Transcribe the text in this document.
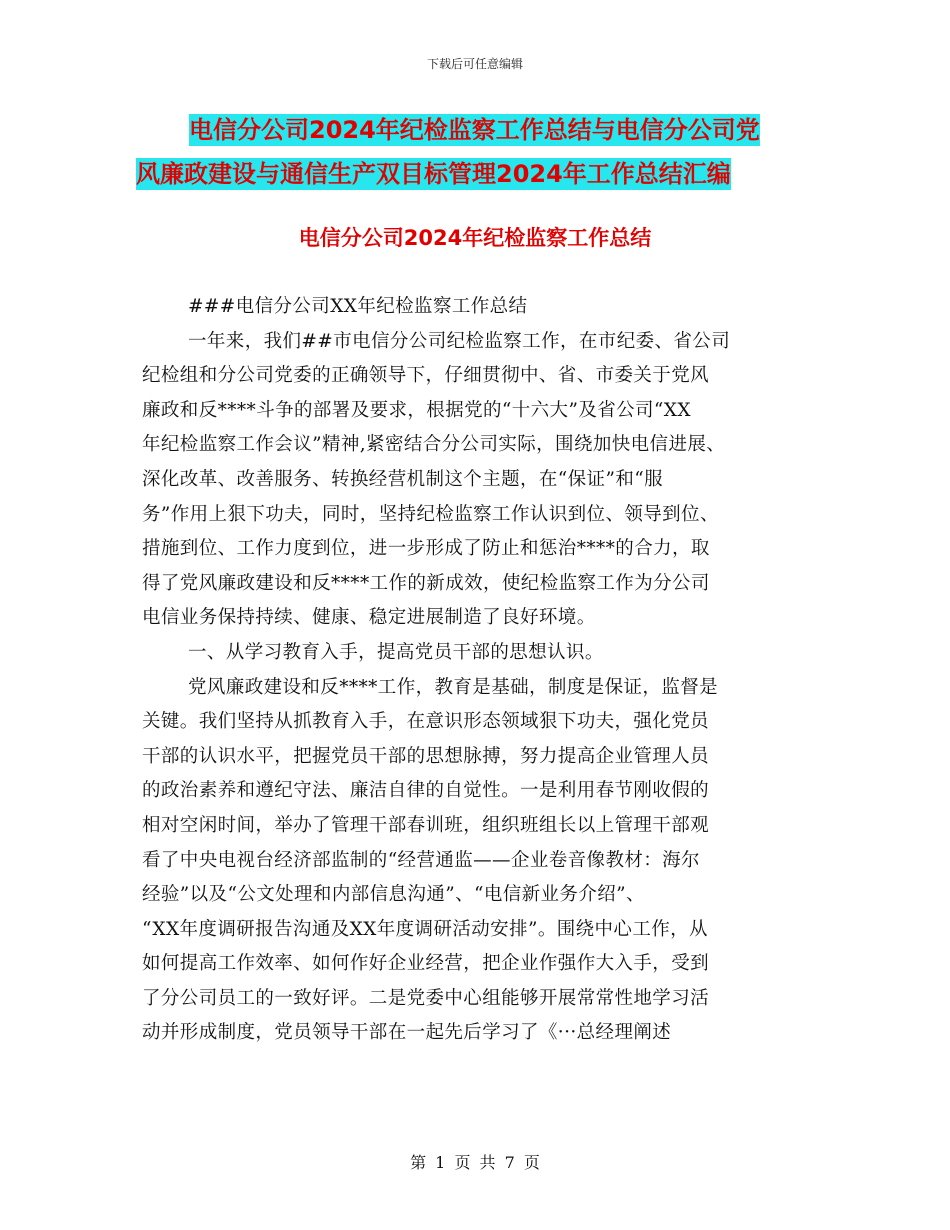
下载后可任意编辑
电信分公司2024年纪检监察工作总结与电信分公司党
风廉政建设与通信生产双目标管理2024年工作总结汇编
电信分公司2024年纪检监察工作总结
###电信分公司XX年纪检监察工作总结
一年来，我们##市电信分公司纪检监察工作，在市纪委、省公司
纪检组和分公司党委的正确领导下，仔细贯彻中、省、市委关于党风
廉政和反****斗争的部署及要求，根据党的“十六大”及省公司“XX
年纪检监察工作会议”精神,紧密结合分公司实际，围绕加快电信进展、
深化改革、改善服务、转换经营机制这个主题，在“保证”和“服
务”作用上狠下功夫，同时，坚持纪检监察工作认识到位、领导到位、
措施到位、工作力度到位，进一步形成了防止和惩治****的合力，取
得了党风廉政建设和反****工作的新成效，使纪检监察工作为分公司
电信业务保持持续、健康、稳定进展制造了良好环境。
一、从学习教育入手，提高党员干部的思想认识。
党风廉政建设和反****工作，教育是基础，制度是保证，监督是
关键。我们坚持从抓教育入手，在意识形态领域狠下功夫，强化党员
干部的认识水平，把握党员干部的思想脉搏，努力提高企业管理人员
的政治素养和遵纪守法、廉洁自律的自觉性。一是利用春节刚收假的
相对空闲时间，举办了管理干部春训班，组织班组长以上管理干部观
看了中央电视台经济部监制的“经营通监——企业卷音像教材：海尔
经验”以及“公文处理和内部信息沟通”、“电信新业务介绍”、
“XX年度调研报告沟通及XX年度调研活动安排”。围绕中心工作，从
如何提高工作效率、如何作好企业经营，把企业作强作大入手，受到
了分公司员工的一致好评。二是党委中心组能够开展常常性地学习活
动并形成制度，党员领导干部在一起先后学习了《···总经理阐述
第 1 页 共 7 页
